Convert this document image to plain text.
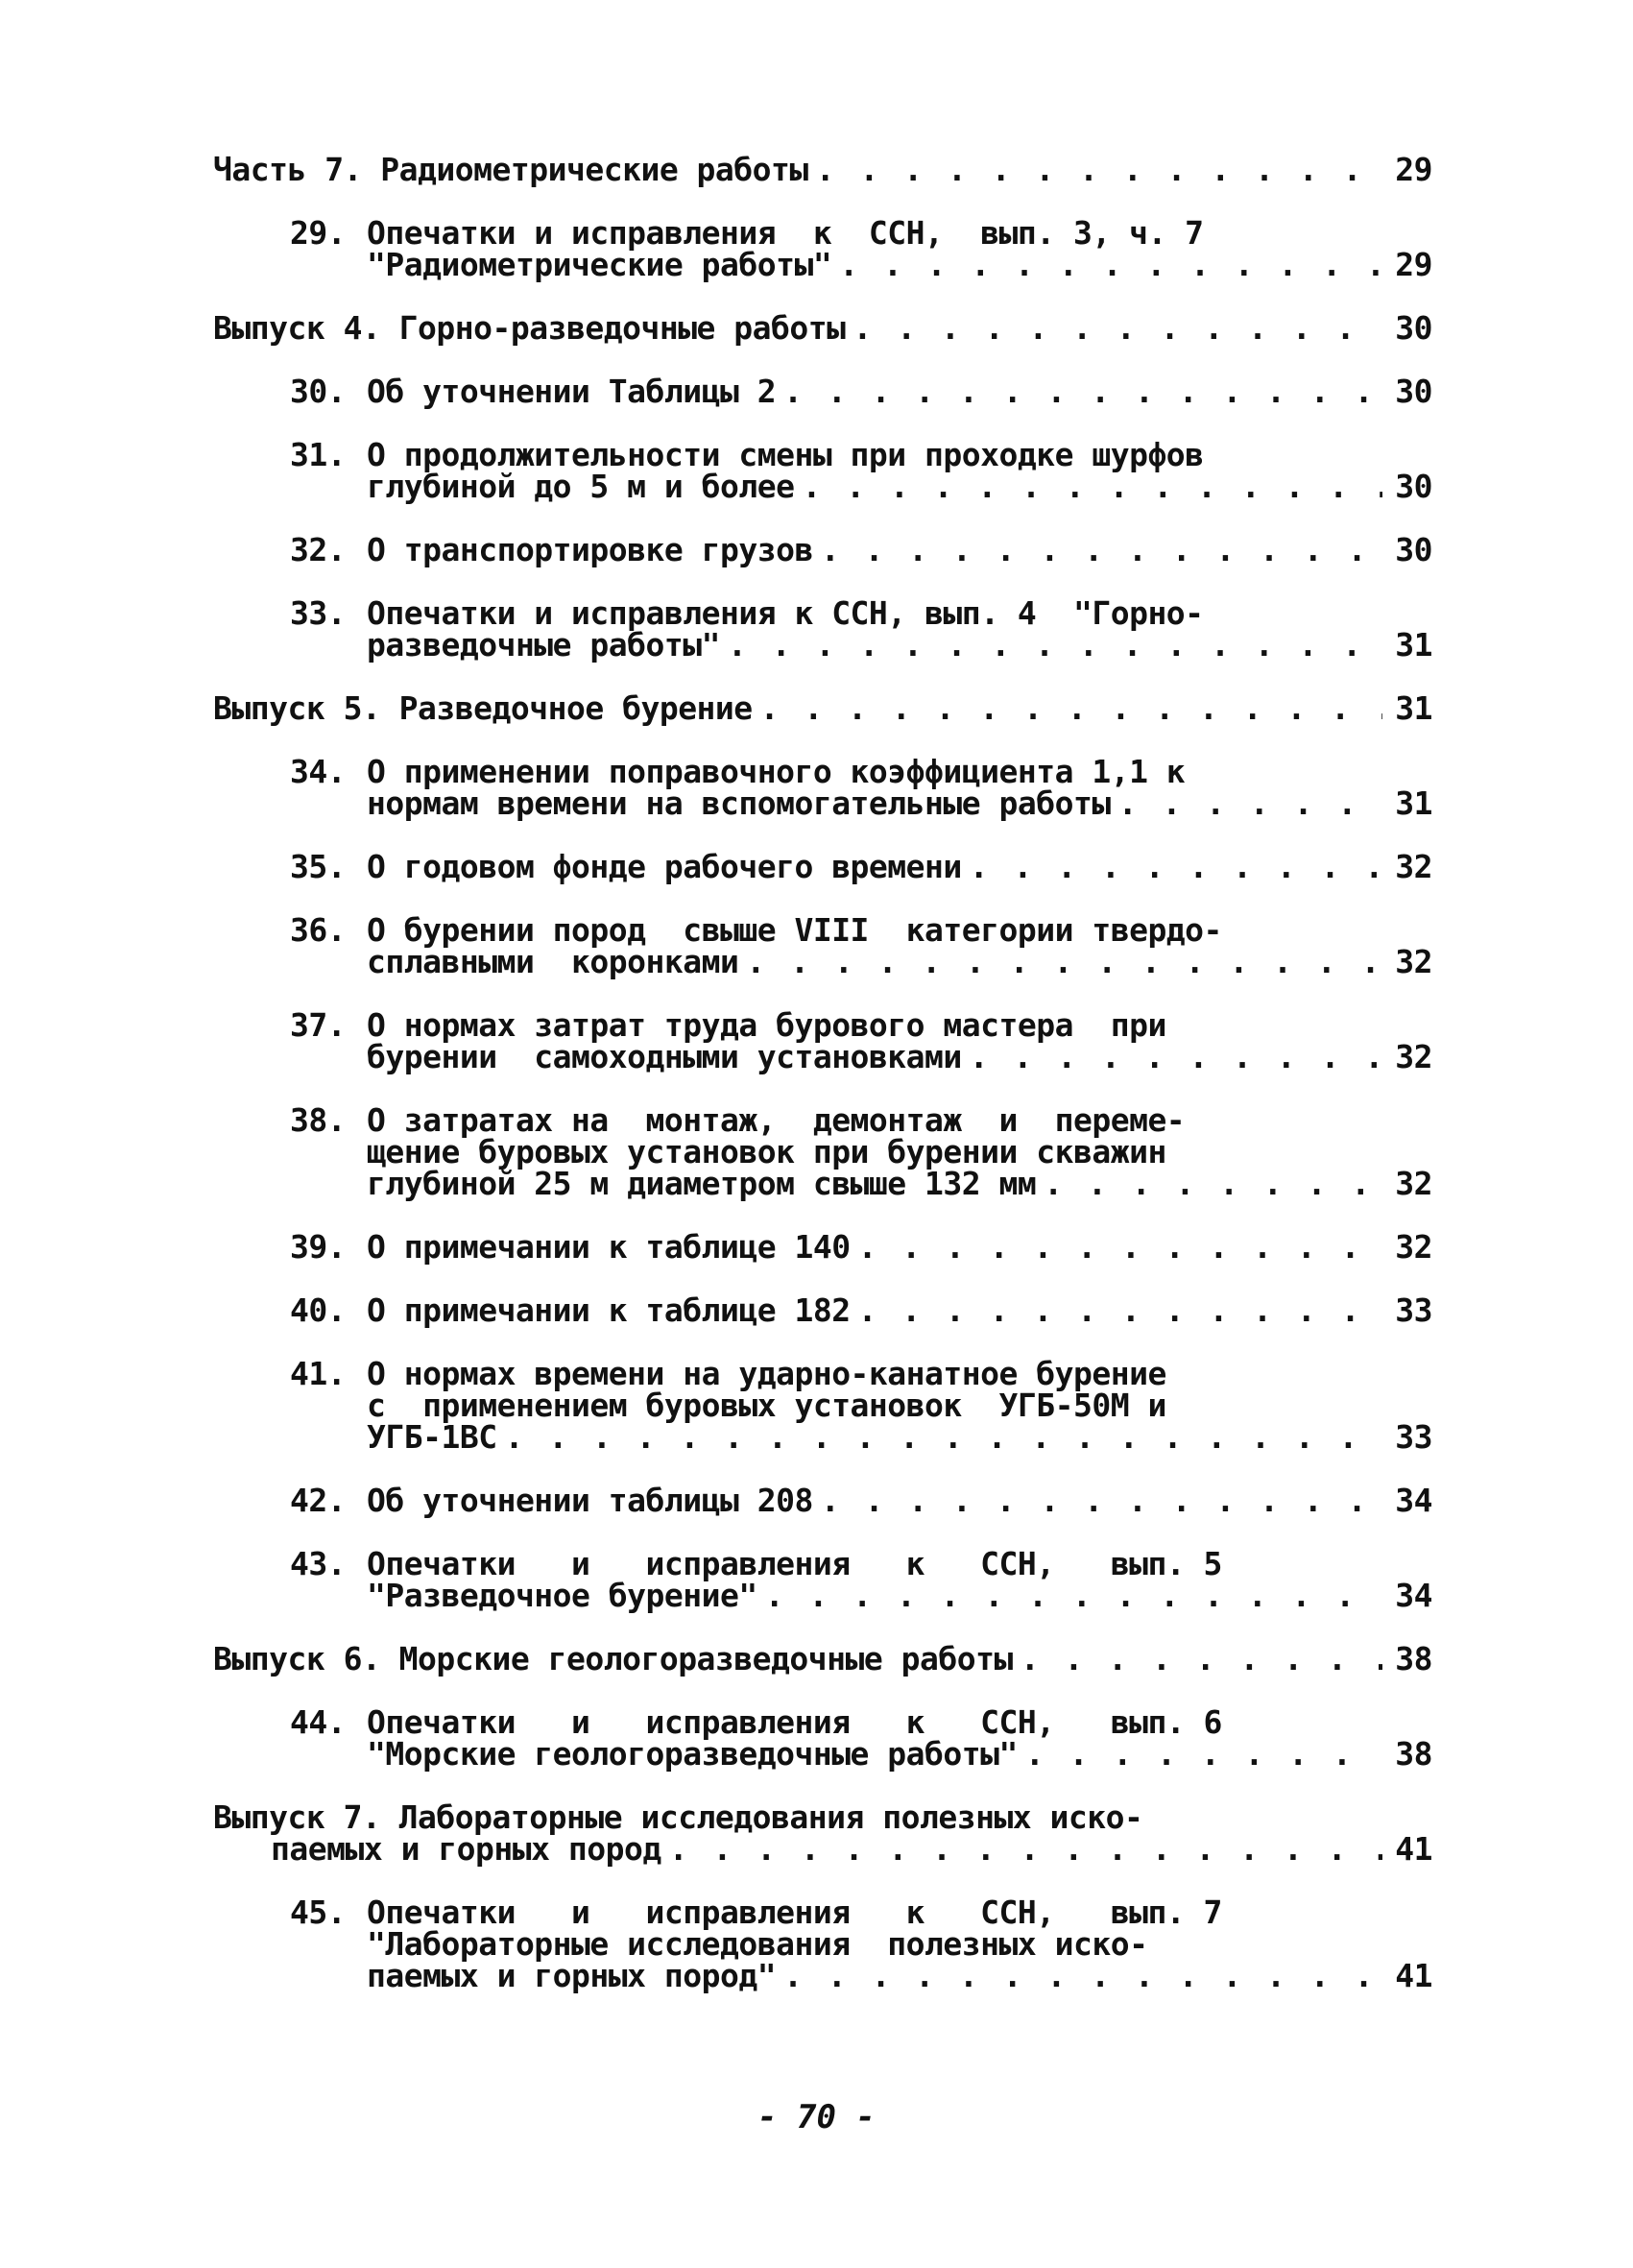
Часть 7. Радиометрические работы . . .	29
29. Опечатки и исправления  к  ССН,  вып. 3, ч. 7
"Радиометрические работы" . . .	29
Выпуск 4. Горно-разведочные работы . . .	30
30. Об уточнении Таблицы 2 . . .	30
31. О продолжительности смены при проходке шурфов
глубиной до 5 м и более . . .	30
32. О транспортировке грузов . . .	30
33. Опечатки и исправления к ССН, вып. 4  "Горно-
разведочные работы" . . .	31
Выпуск 5. Разведочное бурение . . .	31
34. О применении поправочного коэффициента 1,1 к
нормам времени на вспомогательные работы . . .	31
35. О годовом фонде рабочего времени . . .	32
36. О бурении пород  свыше VIII  категории твердо-
сплавными  коронками . . .	32
37. О нормах затрат труда бурового мастера  при
бурении  самоходными установками . . .	32
38. О затратах на  монтаж,  демонтаж  и  переме-
щение буровых установок при бурении скважин
глубиной 25 м диаметром свыше 132 мм . . .	32
39. О примечании к таблице 140 . . .	32
40. О примечании к таблице 182 . . .	33
41. О нормах времени на ударно-канатное бурение
с  применением буровых установок  УГБ-50М и
УГБ-1ВС . . .	33
42. Об уточнении таблицы 208 . . .	34
43. Опечатки   и   исправления   к   ССН,   вып. 5
"Разведочное бурение" . . .	34
Выпуск 6. Морские геологоразведочные работы . . .	38
44. Опечатки   и   исправления   к   ССН,   вып. 6
"Морские геологоразведочные работы" . . .	38
Выпуск 7. Лабораторные исследования полезных иско-
паемых и горных пород . . .	41
45. Опечатки   и   исправления   к   ССН,   вып. 7
"Лабораторные исследования  полезных иско-
паемых и горных пород" . . .	41
- 70 -
